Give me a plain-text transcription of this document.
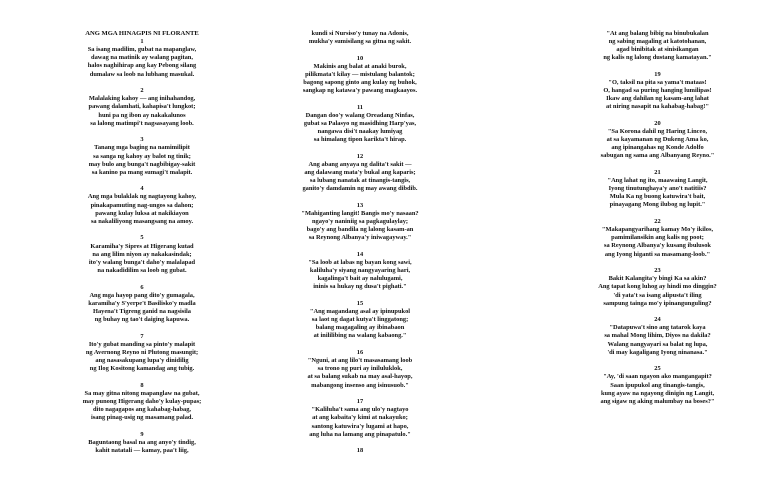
ANG MGA HINAGPIS NI FLORANTE

1
Sa isang madilim, gubat na mapanglaw,
dawag na matinik ay walang pagitan,
halos naghihirap ang kay Pebong silang
dumalaw sa loob na lubhang masukal.
2
Malalaking kahoy — ang inihahandog,
pawang dalamhati, kahapisa't lungkot;
huni pa ng ibon ay nakakalunos
sa lalong matimpi't nagsasayang loob.
3
Tanang mga baging na namimilipit
sa sanga ng kahoy ay balot ng tinik;
may bulo ang bunga't nagbibigay-sakit
sa kanino pa mang sumagi't malapit.
4
Ang mga bulaklak ng nagtayong kahoy,
pinakapamuting nag-ungos sa dahon;
pawang kulay luksa at nakikiayon
sa nakaliliyong masangsang na amoy.
5
Karamiha'y Sipres at Higerang kutad
na ang lilim niyon ay nakakasindak;
ito'y walang bunga't daho'y malalapad
na nakadidilim sa loob ng gubat.
6
Ang mga hayop pang dito'y gumagala,
karamiha'y S'yerpe't Basilisko'y madla
Hayena't Tigreng ganid na nagsisila
ng buhay ng tao't daiging kapuwa.
7
Ito'y gubat manding sa pinto'y malapit
ng Avernong Reyno ni Plutong masungit;
ang nasasakupang lupa'y dinidilig
ng Ilog Kositong kamandag ang tubig.
8
Sa may gitna nitong mapanglaw na gubat,
may punong Higerang daho'y kulay-pupas;
dito nagagapos ang kahabag-habag,
isang pinag-usig ng masamang palad.
9
Baguntaong basal na ang anyo'y tindig,
kahit natatali — kamay, paa't liig,
kundi si Nursiso'y tunay na Adonis,
mukha'y sumisilang sa gitna ng sakit.
10
Makinis ang balat at anaki burok,
pilikmata't kilay — mistulang balantok;
bagong sapong ginto ang kulay ng buhok,
sangkap ng katawa'y pawang magkaayos.
11
Dangan doo'y walang Oreadang Ninfas,
gubat sa Palasyo ng masidhing Harp'yas,
nangawa disi't naakay lumiyag
sa himalang tipon karikta't hirap.
12
Ang abang anyaya ng dalita't sakit —
ang dalawang mata'y bukal ang kaparis;
sa lubang nanatak at tinangis-tangis,
ganito'y damdamin ng may awang dibdib.
13
"Mahiganting langit! Bangis mo'y nasaan?
ngayo'y naniniig sa pagkagulaylay;
bago'y ang bandila ng lalong kasam-an
sa Reynong Albanya'y iniwagayway."
14
"Sa loob at labas ng bayan kong sawi,
kaliluha'y siyang nangyayaring hari,
kagalinga't bait ay nalulugami,
ininis sa hukay ng dusa't pighati."
15
"Ang magandang asal ay ipinupukol
sa laot ng dagat kutya't linggatong;
balang magagaling ay ibinabaon
at inililibing na walang kabaong."
16
"Nguni, at ang lilo't masasamang loob
sa trono ng puri ay iniluluklok,
at sa balang sukab na may asal-hayop,
mabangong insenso ang isinusuob."
17
"Kaliluha't sama ang ulo'y nagtayo
at ang kabaita'y kimi at nakayuko;
santong katuwira'y lugami at hapo,
ang luha na lamang ang pinapatulo."
18
"At ang balang bibig na binubukalan
ng sabing magaling at katotohanan,
agad binibitak at sinisikangan
ng kalis ng lalong dustang kamatayan."
19
"O, taksil na pita sa yama't mataas!
O, hangad sa puring hanging lumilipas!
Ikaw ang dahilan ng kasam-ang lahat
at niring nasapit na kahabag-habag!"
20
"Sa Korona dahil ng Haring Linceo,
at sa kayamanan ng Dukeng Ama ko,
ang ipinangahas ng Konde Adolfo
sabugan ng sama ang Albanyang Reyno."
21
"Ang lahat ng ito, maawaing Langit,
Iyong tinutunghaya'y ano't natitiis?
Mula Ka ng buong katuwira't bait,
pinayagang Mong ilubog ng lupit."
22
"Makapangyarihang kamay Mo'y ikilos,
pamimilansikin ang kalis ng poot;
sa Reynong Albanya'y kusang ibulusok
ang Iyong higanti sa masamang-loob."
23
Bakit Kalangita'y bingi Ka sa akin?
Ang tapat kong luhog ay hindi mo dinggin?
'di yata't sa isang alipusta't iling
sampung tainga mo'y ipinangunguling?
24
"Datapuwa't sino ang tatarok kaya
sa mahal Mong lihim, Diyos na dakila?
Walang nangyayari sa balat ng lupa,
'di may kagaligang Iyong ninanasa."
25
"Ay, 'di saan ngayon ako mangangapit?
Saan ipupukol ang tinangis-tangis,
kung ayaw na ngayong dinigin ng Langit,
ang sigaw ng aking malumbay na boses?"
